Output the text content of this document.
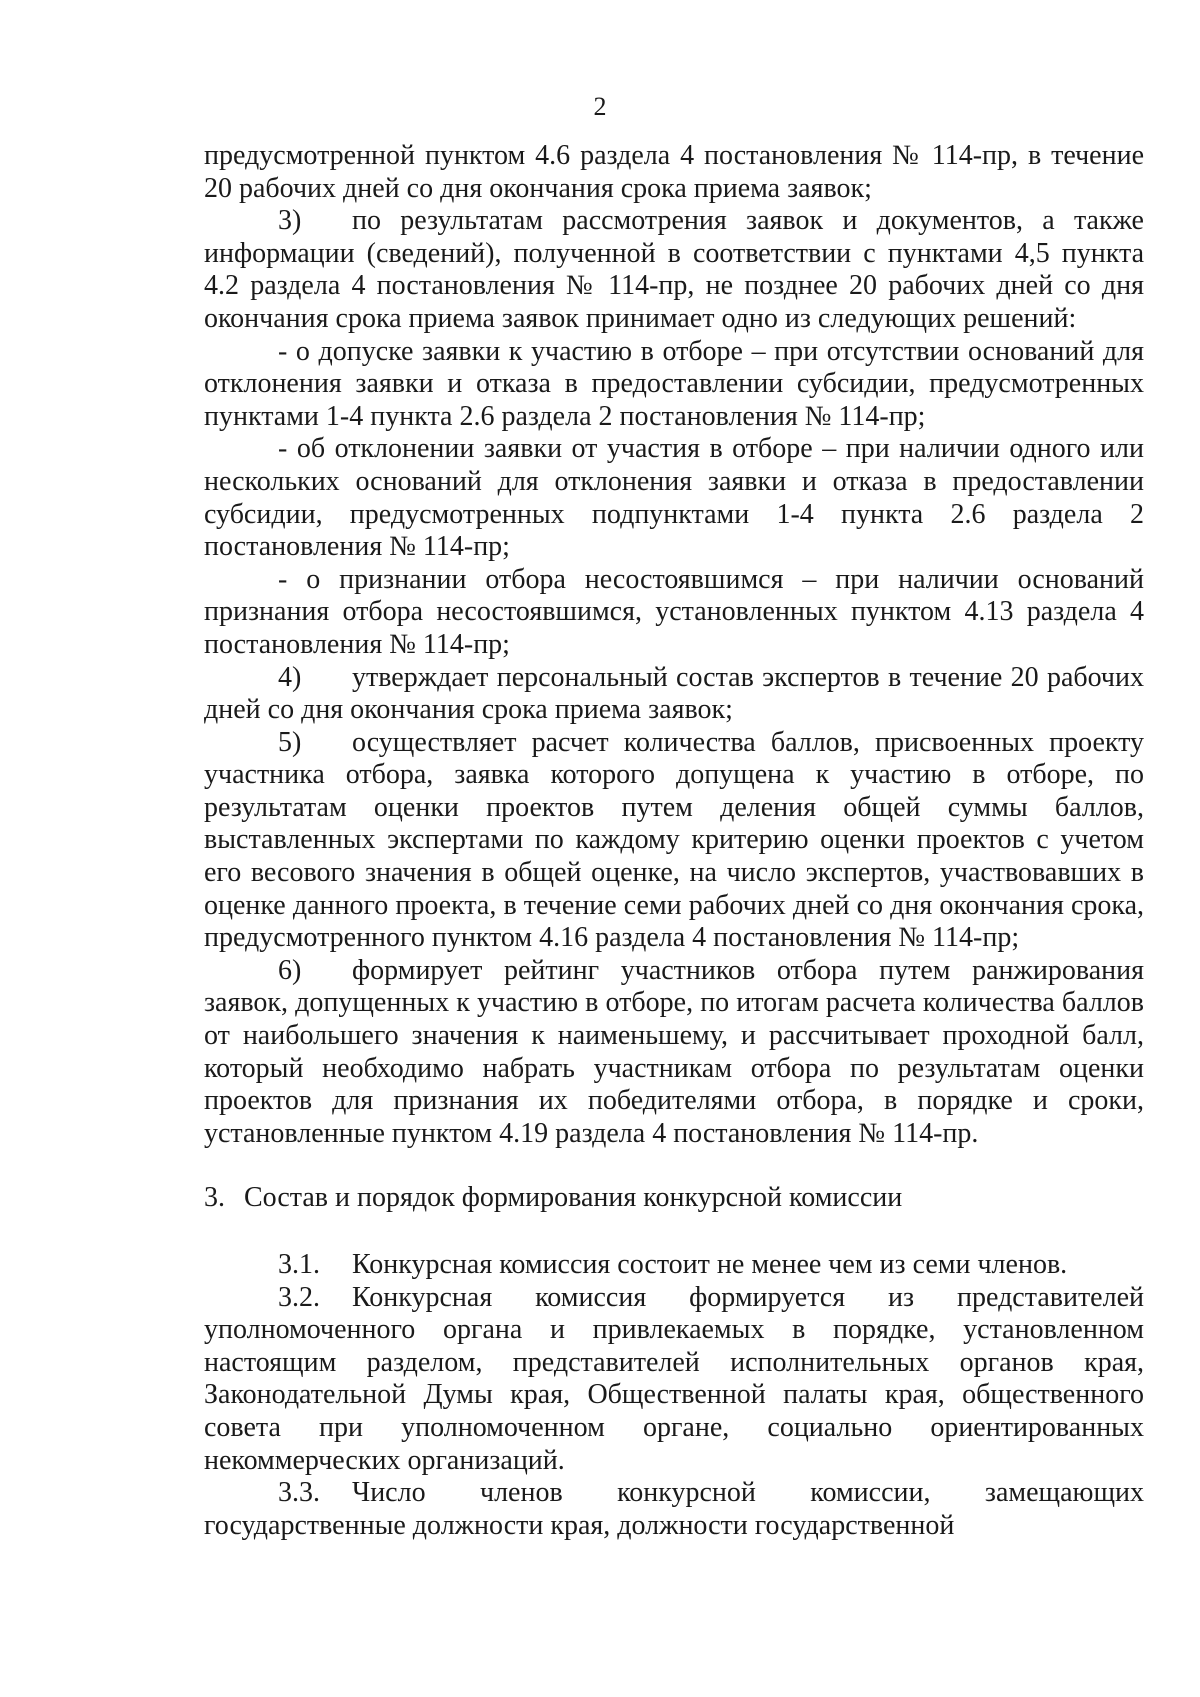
2

предусмотренной пунктом 4.6 раздела 4 постановления № 114-пр, в течение 20 рабочих дней со дня окончания срока приема заявок;

3) по результатам рассмотрения заявок и документов, а также информации (сведений), полученной в соответствии с пунктами 4,5 пункта 4.2 раздела 4 постановления № 114-пр, не позднее 20 рабочих дней со дня окончания срока приема заявок принимает одно из следующих решений:

- о допуске заявки к участию в отборе – при отсутствии оснований для отклонения заявки и отказа в предоставлении субсидии, предусмотренных пунктами 1-4 пункта 2.6 раздела 2 постановления № 114-пр;

- об отклонении заявки от участия в отборе – при наличии одного или нескольких оснований для отклонения заявки и отказа в предоставлении субсидии, предусмотренных подпунктами 1-4 пункта 2.6 раздела 2 постановления № 114-пр;

- о признании отбора несостоявшимся – при наличии оснований признания отбора несостоявшимся, установленных пунктом 4.13 раздела 4 постановления № 114-пр;

4) утверждает персональный состав экспертов в течение 20 рабочих дней со дня окончания срока приема заявок;

5) осуществляет расчет количества баллов, присвоенных проекту участника отбора, заявка которого допущена к участию в отборе, по результатам оценки проектов путем деления общей суммы баллов, выставленных экспертами по каждому критерию оценки проектов с учетом его весового значения в общей оценке, на число экспертов, участвовавших в оценке данного проекта, в течение семи рабочих дней со дня окончания срока, предусмотренного пунктом 4.16 раздела 4 постановления № 114-пр;

6) формирует рейтинг участников отбора путем ранжирования заявок, допущенных к участию в отборе, по итогам расчета количества баллов от наибольшего значения к наименьшему, и рассчитывает проходной балл, который необходимо набрать участникам отбора по результатам оценки проектов для признания их победителями отбора, в порядке и сроки, установленные пунктом 4.19 раздела 4 постановления № 114-пр.

3. Состав и порядок формирования конкурсной комиссии

3.1. Конкурсная комиссия состоит не менее чем из семи членов.

3.2. Конкурсная комиссия формируется из представителей уполномоченного органа и привлекаемых в порядке, установленном настоящим разделом, представителей исполнительных органов края, Законодательной Думы края, Общественной палаты края, общественного совета при уполномоченном органе, социально ориентированных некоммерческих организаций.

3.3. Число членов конкурсной комиссии, замещающих государственные должности края, должности государственной
